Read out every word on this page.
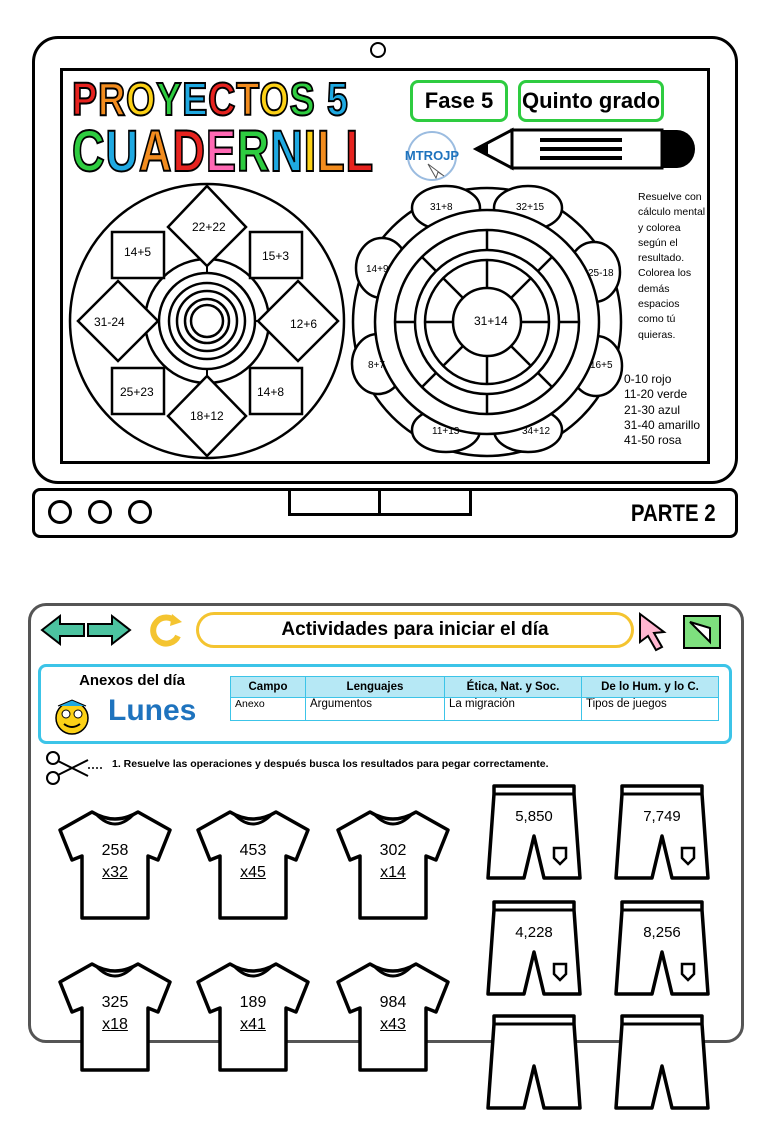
PROYECTOS 5
CUADERNILL
Fase 5	Quinto grado
MTROJP
22+22
14+5	15+3
31-24	12+6
25+23	14+8
18+12
31+8	32+15
14+9	25-18
31+14
8+7	16+5
11+13	34+12
Resuelve con cálculo mental y colorea según el resultado. Colorea los demás espacios como tú quieras.
0-10 rojo
11-20 verde
21-30 azul
31-40 amarillo
41-50 rosa
PARTE 2
Actividades para iniciar el día
Anexos del día
Lunes
Campo	Lenguajes	Ética, Nat. y Soc.	De lo Hum. y lo C.
Anexo	Argumentos	La migración	Tipos de juegos
1. Resuelve las operaciones y después busca los resultados para pegar correctamente.
258
x32
453
x45
302
x14
325
x18
189
x41
984
x43
5,850	7,749
4,228	8,256
